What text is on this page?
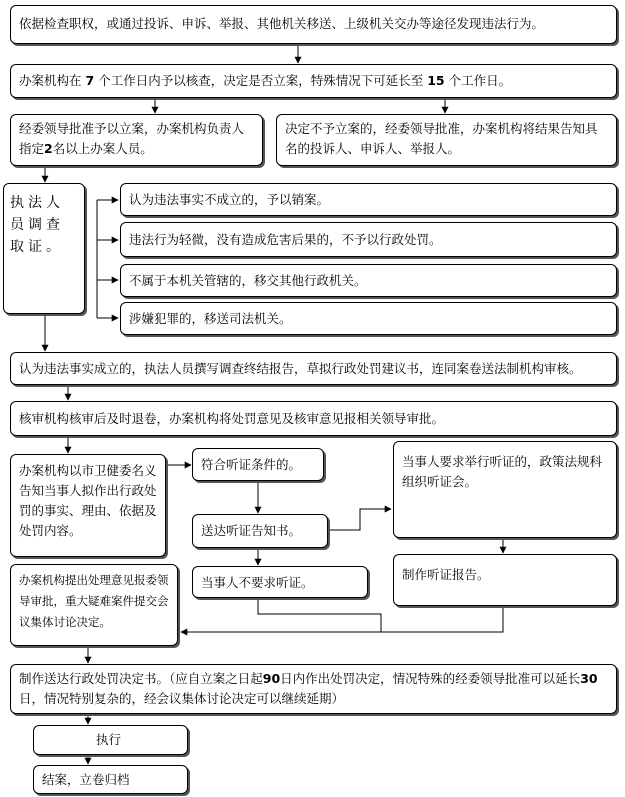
依据检查职权，或通过投诉、申诉、举报、其他机关移送、上级机关交办等途径发现违法行为。
办案机构在 7 个工作日内予以核查，决定是否立案，特殊情况下可延长至 15 个工作日。
经委领导批准予以立案，办案机构负责人指定2名以上办案人员。
决定不予立案的，经委领导批准，办案机构将结果告知具名的投诉人、申诉人、举报人。
执法人员调查取证。
认为违法事实不成立的，予以销案。
违法行为轻微，没有造成危害后果的，不予以行政处罚。
不属于本机关管辖的，移交其他行政机关。
涉嫌犯罪的，移送司法机关。
认为违法事实成立的，执法人员撰写调查终结报告，草拟行政处罚建议书，连同案卷送法制机构审核。
核审机构核审后及时退卷，办案机构将处罚意见及核审意见报相关领导审批。
办案机构以市卫健委名义告知当事人拟作出行政处罚的事实、理由、依据及处罚内容。
符合听证条件的。
送达听证告知书。
当事人不要求听证。
当事人要求举行听证的，政策法规科组织听证会。
制作听证报告。
办案机构提出处理意见报委领导审批，重大疑难案件提交会议集体讨论决定。
制作送达行政处罚决定书。（应自立案之日起90日内作出处罚决定，情况特殊的经委领导批准可以延长30日，情况特别复杂的，经会议集体讨论决定可以继续延期）
执行
结案，立卷归档
